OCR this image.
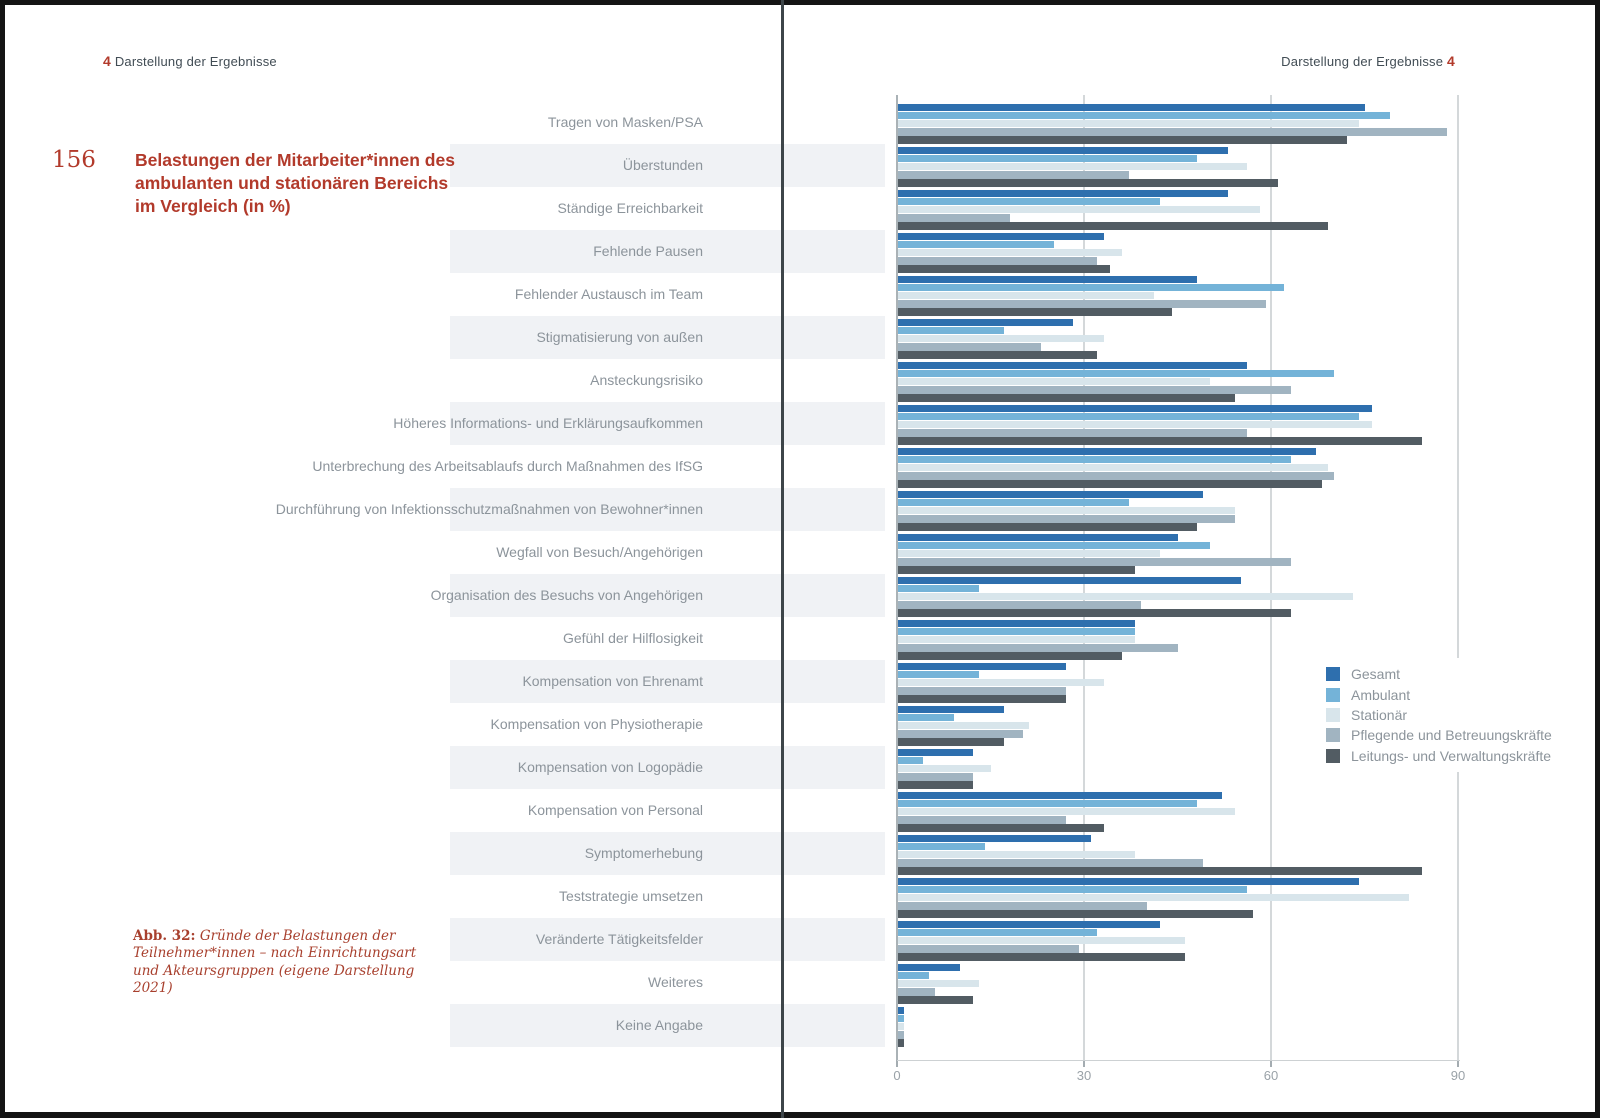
4 Darstellung der Ergebnisse	Darstellung der Ergebnisse 4
156 Belastungen der Mitarbeiter*innen des ambulanten und stationären Bereichs im Vergleich (in %)
Abb. 32: Gründe der Belastungen der Teilnehmer*innen – nach Einrichtungsart und Akteursgruppen (eigene Darstellung 2021)
Tragen von Masken/PSA
Überstunden
Ständige Erreichbarkeit
Fehlende Pausen
Fehlender Austausch im Team
Stigmatisierung von außen
Ansteckungsrisiko
Höheres Informations- und Erklärungsaufkommen
Unterbrechung des Arbeitsablaufs durch Maßnahmen des IfSG
Durchführung von Infektionsschutzmaßnahmen von Bewohner*innen
Wegfall von Besuch/Angehörigen
Organisation des Besuchs von Angehörigen
Gefühl der Hilflosigkeit
Kompensation von Ehrenamt
Kompensation von Physiotherapie
Kompensation von Logopädie
Kompensation von Personal
Symptomerhebung
Teststrategie umsetzen
Veränderte Tätigkeitsfelder
Weiteres
Keine Angabe
0	30	60	90
Gesamt
Ambulant
Stationär
Pflegende und Betreuungskräfte
Leitungs- und Verwaltungskräfte
